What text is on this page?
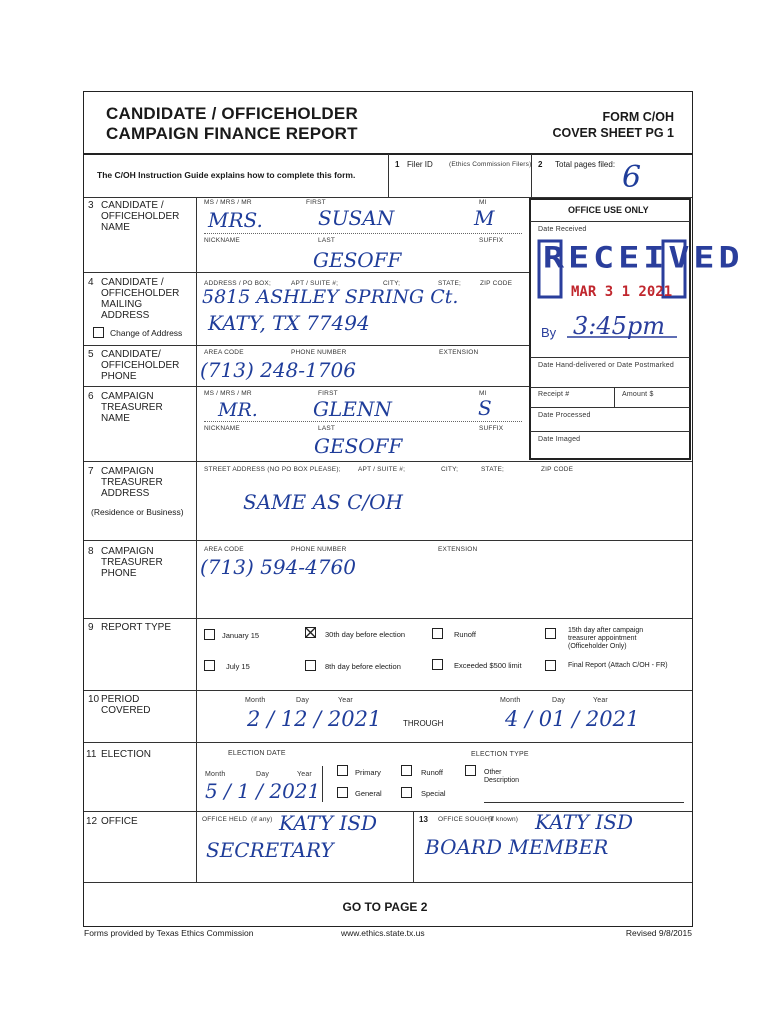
CANDIDATE / OFFICEHOLDER
CAMPAIGN FINANCE REPORT
FORM C/OH
COVER SHEET PG 1
The C/OH Instruction Guide explains how to complete this form.
1 Filer ID (Ethics Commission Filers) 2 Total pages filed: 6
OFFICE USE ONLY
Date Received
RECEIVED
MAR 3 1 2021
By 3:45pm
Date Hand-delivered or Date Postmarked
Receipt #	Amount $
Date Processed
Date Imaged
3 CANDIDATE /
OFFICEHOLDER
NAME
MS / MRS / MR	FIRST	MI
MRS.	SUSAN	M
NICKNAME	LAST	SUFFIX
GESOFF
4 CANDIDATE /
OFFICEHOLDER
MAILING
ADDRESS
Change of Address
ADDRESS / PO BOX;	APT / SUITE #;	CITY;	STATE;	ZIP CODE
5815 ASHLEY SPRING Ct.
KATY, TX 77494
5 CANDIDATE/
OFFICEHOLDER
PHONE
AREA CODE	PHONE NUMBER	EXTENSION
(713) 248-1706
6 CAMPAIGN
TREASURER
NAME
MS / MRS / MR	FIRST	MI
MR.	GLENN	S
NICKNAME	LAST	SUFFIX
GESOFF
7 CAMPAIGN
TREASURER
ADDRESS
(Residence or Business)
STREET ADDRESS (NO PO BOX PLEASE);	APT / SUITE #;	CITY;	STATE;	ZIP CODE
SAME AS C/OH
8 CAMPAIGN
TREASURER
PHONE
AREA CODE	PHONE NUMBER	EXTENSION
(713) 594-4760
9 REPORT TYPE
January 15	30th day before election	Runoff	15th day after campaign
treasurer appointment
(Officeholder Only)
July 15	8th day before election	Exceeded $500 limit	Final Report (Attach C/OH - FR)
10 PERIOD
COVERED
Month	Day	Year
2 / 12 / 2021	THROUGH
Month	Day	Year
4 / 01 / 2021
11 ELECTION	ELECTION DATE	ELECTION TYPE
Month	Day	Year
5 / 1 / 2021
Primary	Runoff	Other
Description
General	Special
12 OFFICE	OFFICE HELD (if any) KATY ISD
SECRETARY
13 OFFICE SOUGHT
(if known) KATY ISD
BOARD MEMBER
GO TO PAGE 2
Forms provided by Texas Ethics Commission	www.ethics.state.tx.us	Revised 9/8/2015
